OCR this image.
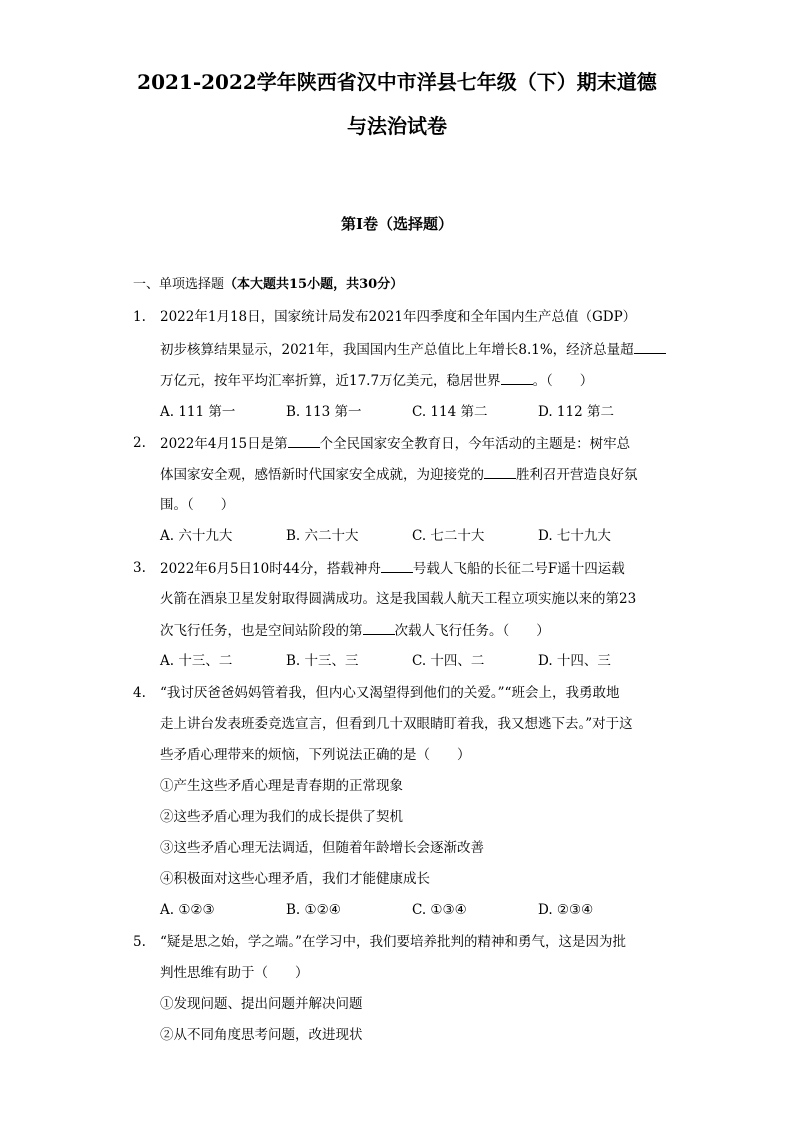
2021-2022学年陕西省汉中市洋县七年级（下）期末道德
与法治试卷
第I卷（选择题）
一、单项选择题（本大题共15小题，共30分）
1. 2022年1月18日，国家统计局发布2021年四季度和全年国内生产总值（GDP）
初步核算结果显示，2021年，我国国内生产总值比上年增长8.1%，经济总量超
万亿元，按年平均汇率折算，近17.7万亿美元，稳居世界 。（　　）
A. 111 第一	B. 113 第一	C. 114 第二	D. 112 第二
2. 2022年4月15日是第 个全民国家安全教育日，今年活动的主题是：树牢总
体国家安全观，感悟新时代国家安全成就，为迎接党的 胜利召开营造良好氛
围。（　　）
A. 六十九大	B. 六二十大	C. 七二十大	D. 七十九大
3. 2022年6月5日10时44分，搭载神舟 号载人飞船的长征二号F遥十四运载
火箭在酒泉卫星发射取得圆满成功。这是我国载人航天工程立项实施以来的第23
次飞行任务，也是空间站阶段的第 次载人飞行任务。（　　）
A. 十三、二	B. 十三、三	C. 十四、二	D. 十四、三
4. “我讨厌爸爸妈妈管着我，但内心又渴望得到他们的关爱。”“班会上，我勇敢地
走上讲台发表班委竞选宣言，但看到几十双眼睛盯着我，我又想逃下去。”对于这
些矛盾心理带来的烦恼，下列说法正确的是（　　）
①产生这些矛盾心理是青春期的正常现象
②这些矛盾心理为我们的成长提供了契机
③这些矛盾心理无法调适，但随着年龄增长会逐渐改善
④积极面对这些心理矛盾，我们才能健康成长
A. ①②③	B. ①②④	C. ①③④	D. ②③④
5. “疑是思之始，学之端。”在学习中，我们要培养批判的精神和勇气，这是因为批
判性思维有助于（　　）
①发现问题、提出问题并解决问题
②从不同角度思考问题，改进现状
